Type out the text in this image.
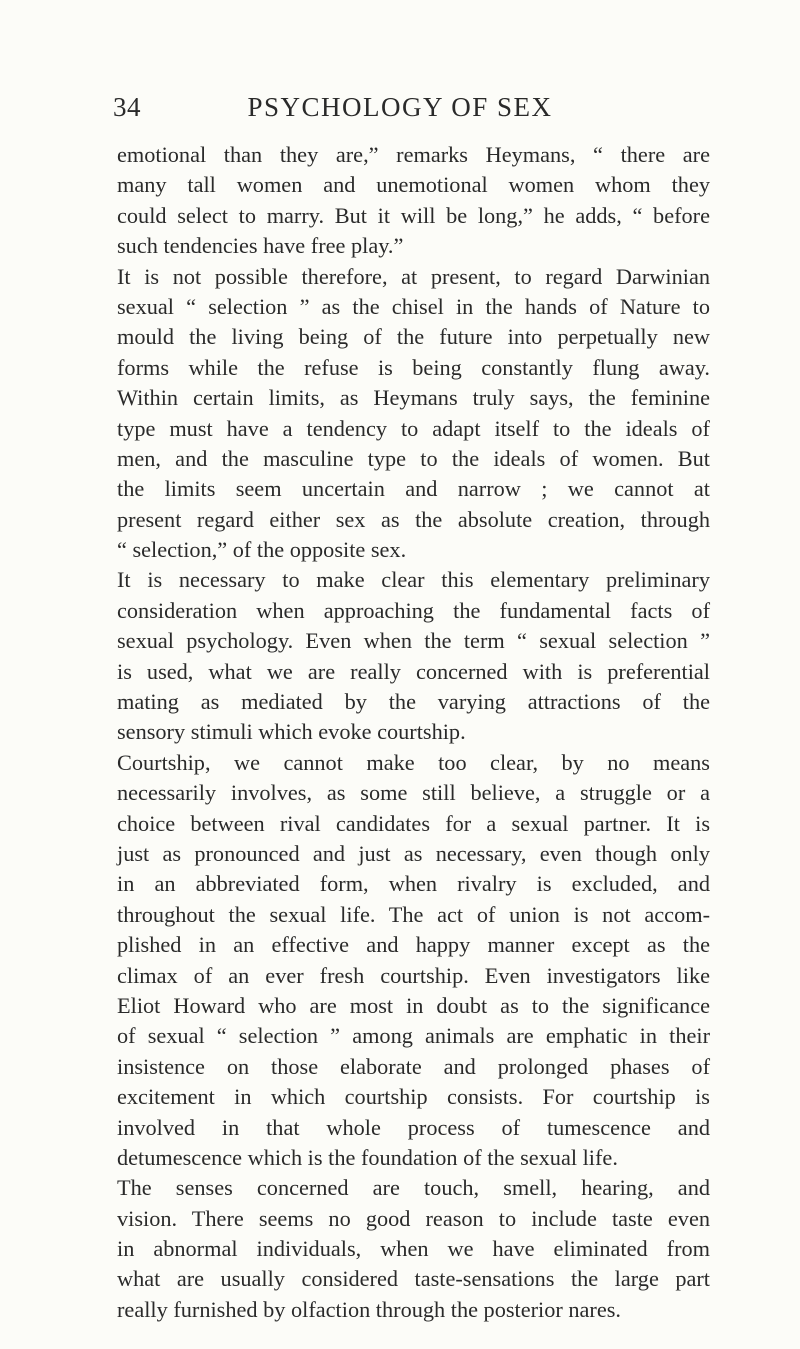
34	PSYCHOLOGY OF SEX
emotional than they are,” remarks Heymans, “ there are
many tall women and unemotional women whom they
could select to marry. But it will be long,” he adds, “ before
such tendencies have free play.”
It is not possible therefore, at present, to regard Darwinian
sexual “ selection ” as the chisel in the hands of Nature to
mould the living being of the future into perpetually new
forms while the refuse is being constantly flung away.
Within certain limits, as Heymans truly says, the feminine
type must have a tendency to adapt itself to the ideals of
men, and the masculine type to the ideals of women. But
the limits seem uncertain and narrow ; we cannot at
present regard either sex as the absolute creation, through
“ selection,” of the opposite sex.
It is necessary to make clear this elementary preliminary
consideration when approaching the fundamental facts of
sexual psychology. Even when the term “ sexual selection ”
is used, what we are really concerned with is preferential
mating as mediated by the varying attractions of the
sensory stimuli which evoke courtship.
Courtship, we cannot make too clear, by no means
necessarily involves, as some still believe, a struggle or a
choice between rival candidates for a sexual partner. It is
just as pronounced and just as necessary, even though only
in an abbreviated form, when rivalry is excluded, and
throughout the sexual life. The act of union is not accom-
plished in an effective and happy manner except as the
climax of an ever fresh courtship. Even investigators like
Eliot Howard who are most in doubt as to the significance
of sexual “ selection ” among animals are emphatic in their
insistence on those elaborate and prolonged phases of
excitement in which courtship consists. For courtship is
involved in that whole process of tumescence and
detumescence which is the foundation of the sexual life.
The senses concerned are touch, smell, hearing, and
vision. There seems no good reason to include taste even
in abnormal individuals, when we have eliminated from
what are usually considered taste-sensations the large part
really furnished by olfaction through the posterior nares.
